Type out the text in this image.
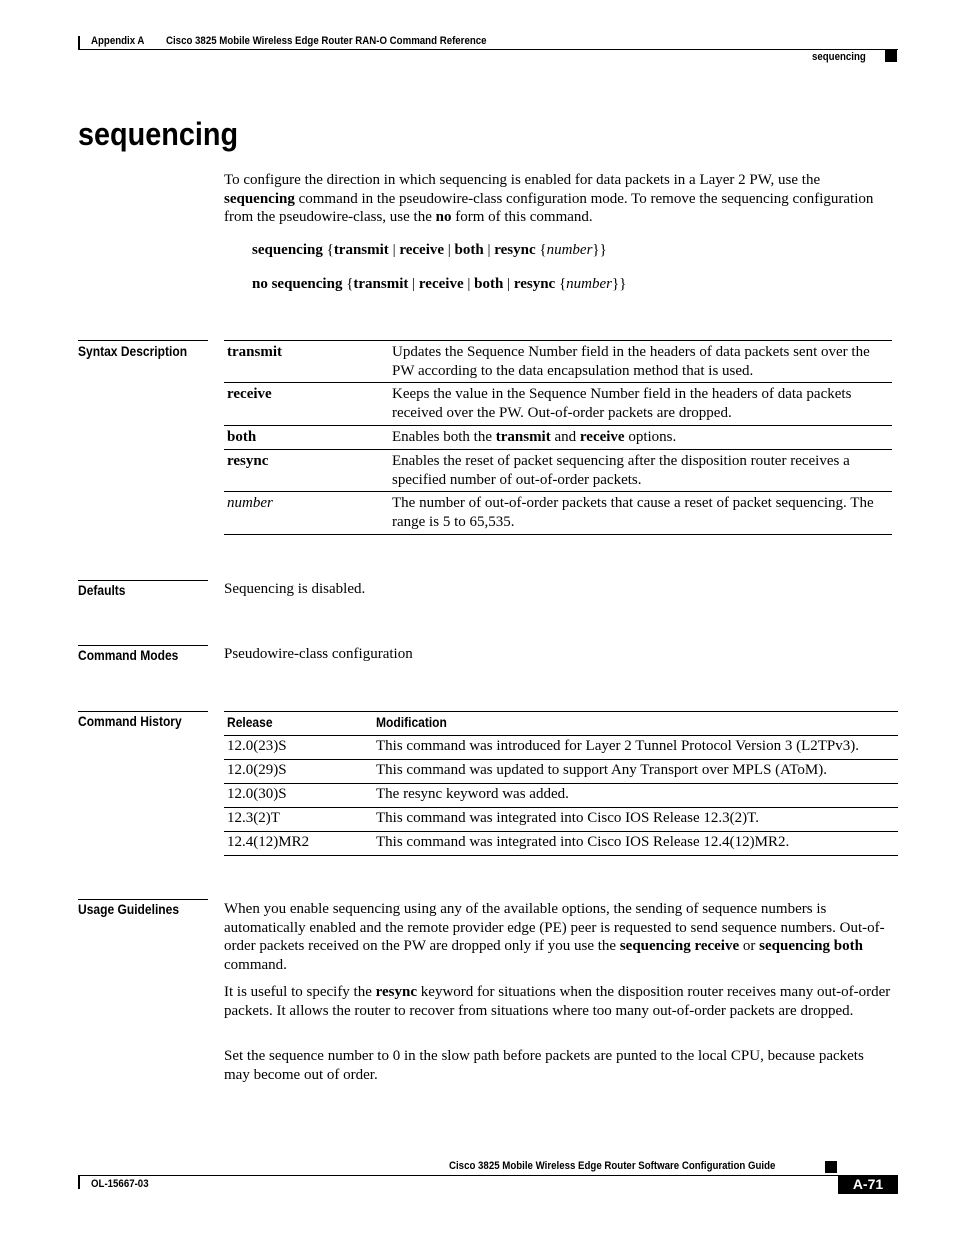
Appendix A Cisco 3825 Mobile Wireless Edge Router RAN-O Command Reference
sequencing
sequencing
To configure the direction in which sequencing is enabled for data packets in a Layer 2 PW, use the sequencing command in the pseudowire-class configuration mode. To remove the sequencing configuration from the pseudowire-class, use the no form of this command.
sequencing {transmit | receive | both | resync {number}}
no sequencing {transmit | receive | both | resync {number}}
Syntax Description	transmit	Updates the Sequence Number field in the headers of data packets sent over the PW according to the data encapsulation method that is used.
receive	Keeps the value in the Sequence Number field in the headers of data packets received over the PW. Out-of-order packets are dropped.
both	Enables both the transmit and receive options.
resync	Enables the reset of packet sequencing after the disposition router receives a specified number of out-of-order packets.
number	The number of out-of-order packets that cause a reset of packet sequencing. The range is 5 to 65,535.
Defaults	Sequencing is disabled.
Command Modes	Pseudowire-class configuration
Command History	Release	Modification
12.0(23)S	This command was introduced for Layer 2 Tunnel Protocol Version 3 (L2TPv3).
12.0(29)S	This command was updated to support Any Transport over MPLS (AToM).
12.0(30)S	The resync keyword was added.
12.3(2)T	This command was integrated into Cisco IOS Release 12.3(2)T.
12.4(12)MR2	This command was integrated into Cisco IOS Release 12.4(12)MR2.
Usage Guidelines	When you enable sequencing using any of the available options, the sending of sequence numbers is automatically enabled and the remote provider edge (PE) peer is requested to send sequence numbers. Out-of-order packets received on the PW are dropped only if you use the sequencing receive or sequencing both command.
It is useful to specify the resync keyword for situations when the disposition router receives many out-of-order packets. It allows the router to recover from situations where too many out-of-order packets are dropped.
Set the sequence number to 0 in the slow path before packets are punted to the local CPU, because packets may become out of order.
Cisco 3825 Mobile Wireless Edge Router Software Configuration Guide
OL-15667-03	A-71
